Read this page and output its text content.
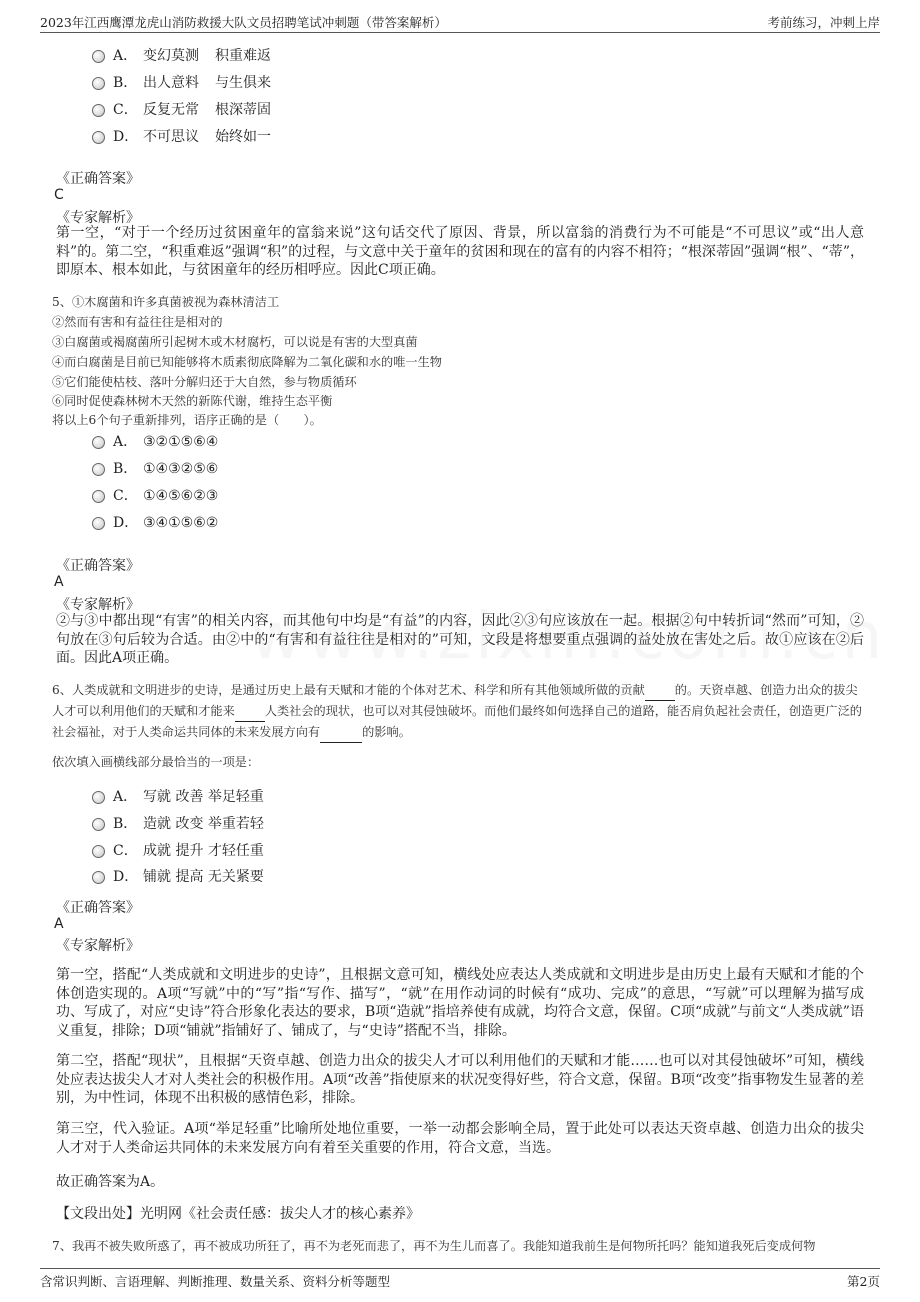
2023年江西鹰潭龙虎山消防救援大队文员招聘笔试冲刺题（带答案解析）	考前练习，冲刺上岸
A． 变幻莫测 积重难返
B． 出人意料 与生俱来
C． 反复无常 根深蒂固
D． 不可思议 始终如一
《正确答案》
C
《专家解析》
第一空，“对于一个经历过贫困童年的富翁来说”这句话交代了原因、背景，所以富翁的消费行为不可能是“不可思议”或“出人意料”的。第二空，“积重难返”强调“积”的过程，与文意中关于童年的贫困和现在的富有的内容不相符；“根深蒂固”强调“根”、“蒂”，即原本、根本如此，与贫困童年的经历相呼应。因此C项正确。
5、①木腐菌和许多真菌被视为森林清洁工
②然而有害和有益往往是相对的
③白腐菌或褐腐菌所引起树木或木材腐朽，可以说是有害的大型真菌
④而白腐菌是目前已知能够将木质素彻底降解为二氧化碳和水的唯一生物
⑤它们能使枯枝、落叶分解归还于大自然，参与物质循环
⑥同时促使森林树木天然的新陈代谢，维持生态平衡
将以上6个句子重新排列，语序正确的是（　　）。
A． ③②①⑤⑥④
B． ①④③②⑤⑥
C． ①④⑤⑥②③
D． ③④①⑤⑥②
《正确答案》
A
《专家解析》
②与③中都出现“有害”的相关内容，而其他句中均是“有益”的内容，因此②③句应该放在一起。根据②句中转折词“然而”可知，②句放在③句后较为合适。由②中的“有害和有益往往是相对的”可知，文段是将想要重点强调的益处放在害处之后。故①应该在②后面。因此A项正确。
6、人类成就和文明进步的史诗，是通过历史上最有天赋和才能的个体对艺术、科学和所有其他领域所做的贡献 的。天资卓越、创造力出众的拔尖人才可以利用他们的天赋和才能来 人类社会的现状，也可以对其侵蚀破坏。而他们最终如何选择自己的道路，能否肩负起社会责任，创造更广泛的社会福祉，对于人类命运共同体的未来发展方向有	的影响。
依次填入画横线部分最恰当的一项是：
A． 写就 改善 举足轻重
B． 造就 改变 举重若轻
C． 成就 提升 才轻任重
D． 铺就 提高 无关紧要
《正确答案》
A
《专家解析》
第一空，搭配“人类成就和文明进步的史诗”，且根据文意可知，横线处应表达人类成就和文明进步是由历史上最有天赋和才能的个体创造实现的。A项“写就”中的“写”指“写作、描写”，“就”在用作动词的时候有“成功、完成”的意思，“写就”可以理解为描写成功、写成了，对应“史诗”符合形象化表达的要求，B项“造就”指培养使有成就，均符合文意，保留。C项“成就”与前文“人类成就”语义重复，排除；D项“铺就”指铺好了、铺成了，与“史诗”搭配不当，排除。
第二空，搭配“现状”，且根据“天资卓越、创造力出众的拔尖人才可以利用他们的天赋和才能……也可以对其侵蚀破坏”可知，横线处应表达拔尖人才对人类社会的积极作用。A项“改善”指使原来的状况变得好些，符合文意，保留。B项“改变”指事物发生显著的差别，为中性词，体现不出积极的感情色彩，排除。
第三空，代入验证。A项“举足轻重”比喻所处地位重要，一举一动都会影响全局，置于此处可以表达天资卓越、创造力出众的拔尖人才对于人类命运共同体的未来发展方向有着至关重要的作用，符合文意，当选。
故正确答案为A。
【文段出处】光明网《社会责任感：拔尖人才的核心素养》
7、我再不被失败所惑了，再不被成功所狂了，再不为老死而悲了，再不为生儿而喜了。我能知道我前生是何物所托吗？能知道我死后变成何物
含常识判断、言语理解、判断推理、数量关系、资料分析等题型	第2页
